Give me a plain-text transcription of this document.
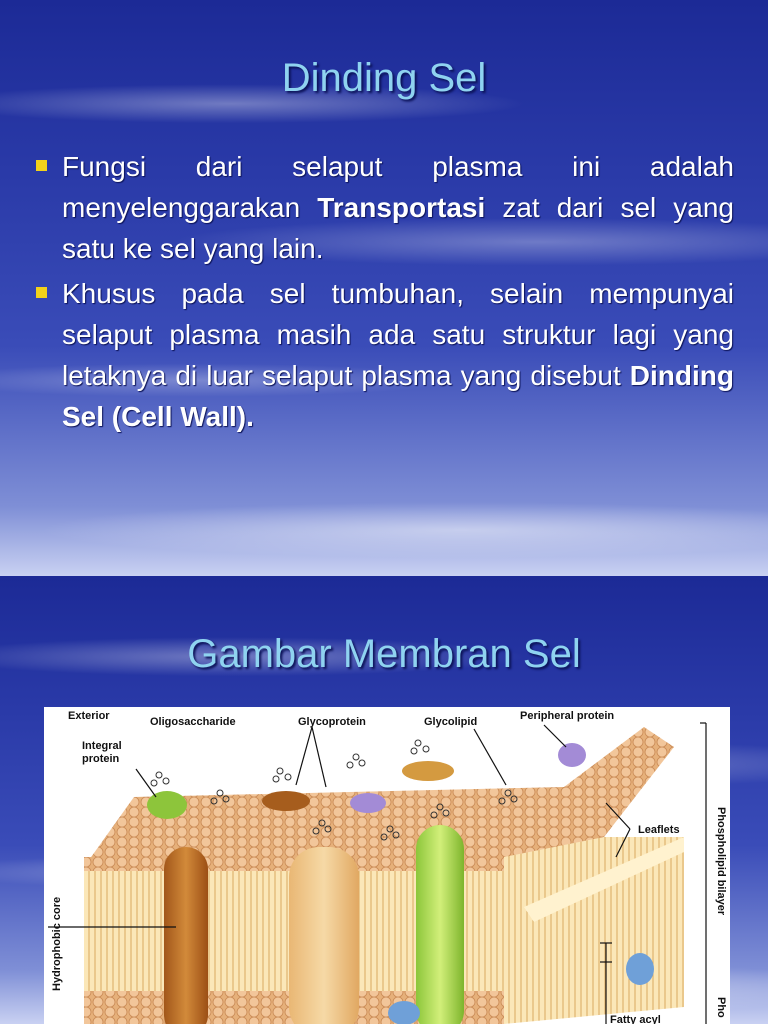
Dinding Sel
Fungsi dari selaput plasma ini adalah menyelenggarakan Transportasi zat dari sel yang satu ke sel yang lain.
Khusus pada sel tumbuhan, selain mempunyai selaput plasma masih ada satu struktur lagi yang letaknya di luar selaput plasma yang disebut Dinding Sel (Cell Wall).
Gambar Membran Sel
Exterior	Oligosaccharide	Glycoprotein	Glycolipid	Peripheral protein
Integral
protein
Leaflets	Phospholipid bilayer
Hydrophobic core
Fatty acyl
Pho
